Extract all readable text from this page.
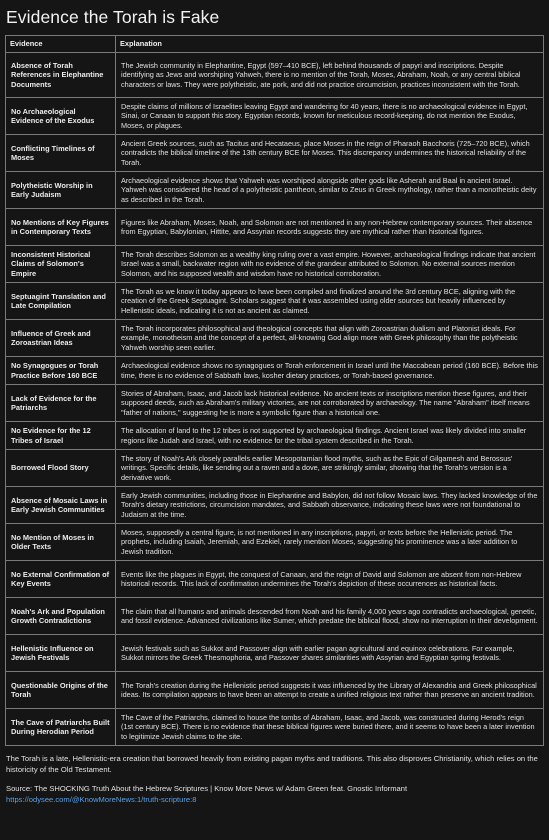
Evidence the Torah is Fake
Evidence	Explanation
Absence of Torah References in Elephantine Documents	The Jewish community in Elephantine, Egypt (597–410 BCE), left behind thousands of papyri and inscriptions. Despite identifying as Jews and worshiping Yahweh, there is no mention of the Torah, Moses, Abraham, Noah, or any central biblical characters or laws. They were polytheistic, ate pork, and did not practice circumcision, practices inconsistent with the Torah.
No Archaeological Evidence of the Exodus	Despite claims of millions of Israelites leaving Egypt and wandering for 40 years, there is no archaeological evidence in Egypt, Sinai, or Canaan to support this story. Egyptian records, known for meticulous record-keeping, do not mention the Exodus, Moses, or plagues.
Conflicting Timelines of Moses	Ancient Greek sources, such as Tacitus and Hecataeus, place Moses in the reign of Pharaoh Bacchoris (725–720 BCE), which contradicts the biblical timeline of the 13th century BCE for Moses. This discrepancy undermines the historical reliability of the Torah.
Polytheistic Worship in Early Judaism	Archaeological evidence shows that Yahweh was worshiped alongside other gods like Asherah and Baal in ancient Israel. Yahweh was considered the head of a polytheistic pantheon, similar to Zeus in Greek mythology, rather than a monotheistic deity as described in the Torah.
No Mentions of Key Figures in Contemporary Texts	Figures like Abraham, Moses, Noah, and Solomon are not mentioned in any non-Hebrew contemporary sources. Their absence from Egyptian, Babylonian, Hittite, and Assyrian records suggests they are mythical rather than historical figures.
Inconsistent Historical Claims of Solomon's Empire	The Torah describes Solomon as a wealthy king ruling over a vast empire. However, archaeological findings indicate that ancient Israel was a small, backwater region with no evidence of the grandeur attributed to Solomon. No external sources mention Solomon, and his supposed wealth and wisdom have no historical corroboration.
Septuagint Translation and Late Compilation	The Torah as we know it today appears to have been compiled and finalized around the 3rd century BCE, aligning with the creation of the Greek Septuagint. Scholars suggest that it was assembled using older sources but heavily influenced by Hellenistic ideals, indicating it is not as ancient as claimed.
Influence of Greek and Zoroastrian Ideas	The Torah incorporates philosophical and theological concepts that align with Zoroastrian dualism and Platonist ideals. For example, monotheism and the concept of a perfect, all-knowing God align more with Greek philosophy than the polytheistic Yahweh worship seen earlier.
No Synagogues or Torah Practice Before 160 BCE	Archaeological evidence shows no synagogues or Torah enforcement in Israel until the Maccabean period (160 BCE). Before this time, there is no evidence of Sabbath laws, kosher dietary practices, or Torah-based governance.
Lack of Evidence for the Patriarchs	Stories of Abraham, Isaac, and Jacob lack historical evidence. No ancient texts or inscriptions mention these figures, and their supposed deeds, such as Abraham's military victories, are not corroborated by archaeology. The name "Abraham" itself means "father of nations," suggesting he is more a symbolic figure than a historical one.
No Evidence for the 12 Tribes of Israel	The allocation of land to the 12 tribes is not supported by archaeological findings. Ancient Israel was likely divided into smaller regions like Judah and Israel, with no evidence for the tribal system described in the Torah.
Borrowed Flood Story	The story of Noah's Ark closely parallels earlier Mesopotamian flood myths, such as the Epic of Gilgamesh and Berossus' writings. Specific details, like sending out a raven and a dove, are strikingly similar, showing that the Torah's version is a derivative work.
Absence of Mosaic Laws in Early Jewish Communities	Early Jewish communities, including those in Elephantine and Babylon, did not follow Mosaic laws. They lacked knowledge of the Torah's dietary restrictions, circumcision mandates, and Sabbath observance, indicating these laws were not foundational to Judaism at the time.
No Mention of Moses in Older Texts	Moses, supposedly a central figure, is not mentioned in any inscriptions, papyri, or texts before the Hellenistic period. The prophets, including Isaiah, Jeremiah, and Ezekiel, rarely mention Moses, suggesting his prominence was a later addition to Jewish tradition.
No External Confirmation of Key Events	Events like the plagues in Egypt, the conquest of Canaan, and the reign of David and Solomon are absent from non-Hebrew historical records. This lack of confirmation undermines the Torah's depiction of these occurrences as historical facts.
Noah's Ark and Population Growth Contradictions	The claim that all humans and animals descended from Noah and his family 4,000 years ago contradicts archaeological, genetic, and fossil evidence. Advanced civilizations like Sumer, which predate the biblical flood, show no interruption in their development.
Hellenistic Influence on Jewish Festivals	Jewish festivals such as Sukkot and Passover align with earlier pagan agricultural and equinox celebrations. For example, Sukkot mirrors the Greek Thesmophoria, and Passover shares similarities with Assyrian and Egyptian spring festivals.
Questionable Origins of the Torah	The Torah's creation during the Hellenistic period suggests it was influenced by the Library of Alexandria and Greek philosophical ideas. Its compilation appears to have been an attempt to create a unified religious text rather than preserve an ancient tradition.
The Cave of Patriarchs Built During Herodian Period	The Cave of the Patriarchs, claimed to house the tombs of Abraham, Isaac, and Jacob, was constructed during Herod's reign (1st century BCE). There is no evidence that these biblical figures were buried there, and it seems to have been a later invention to legitimize Jewish claims to the site.

The Torah is a late, Hellenistic-era creation that borrowed heavily from existing pagan myths and traditions. This also disproves Christianity, which relies on the historicity of the Old Testament.

Source: The SHOCKING Truth About the Hebrew Scriptures | Know More News w/ Adam Green feat. Gnostic Informant

https://odysee.com/@KnowMoreNews:1/truth-scripture:8
